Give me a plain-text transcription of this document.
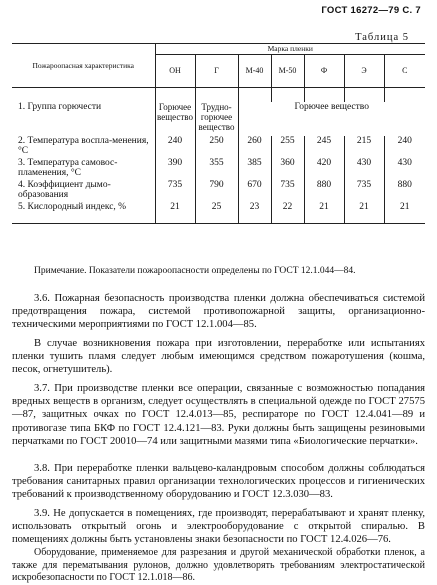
ГОСТ 16272—79 С. 7
Таблица 5
Пожароопасная характеристика	Марка пленки						
	ОН	Г	М-40	М-50	Ф	Э	С

1. Группа горючести	Горючее вещество	Трудно-горючее вещество	Горючее вещество				
2. Температура воспла-менения, °С	240	250	260	255	245	215	240
3. Температура самовос-пламенения, °С	390	355	385	360	420	430	430
4. Коэффициент дымо-образования	735	790	670	735	880	735	880
5. Кислородный индекс, %	21	25	23	22	21	21	21

Примечание. Показатели пожароопасности определены по ГОСТ 12.1.044—84.

3.6. Пожарная безопасность производства пленки должна обеспечиваться системой предотвращения пожара, системой противопожарной защиты, организационно-техническими мероприятиями по ГОСТ 12.1.004—85.

В случае возникновения пожара при изготовлении, переработке или испытаниях пленки тушить пламя следует любым имеющимся средством пожаротушения (кошма, песок, огнетушитель).

3.7. При производстве пленки все операции, связанные с возможностью попадания вредных веществ в организм, следует осуществлять в специальной одежде по ГОСТ 27575—87, защитных очках по ГОСТ 12.4.013—85, респираторе по ГОСТ 12.4.041—89 и противогазе типа БКФ по ГОСТ 12.4.121—83. Руки должны быть защищены резиновыми перчатками по ГОСТ 20010—74 или защитными мазями типа «Биологические перчатки».

3.8. При переработке пленки вальцево-каландровым способом должны соблюдаться требования санитарных правил организации технологических процессов и гигиенических требований к производственному оборудованию и ГОСТ 12.3.030—83.

3.9. Не допускается в помещениях, где производят, перерабатывают и хранят пленку, использовать открытый огонь и электрооборудование с открытой спиралью. В помещениях должны быть установлены знаки безопасности по ГОСТ 12.4.026—76.

Оборудование, применяемое для разрезания и другой механической обработки пленок, а также для перематывания рулонов, должно удовлетворять требованиям электростатической искробезопасности по ГОСТ 12.1.018—86.
